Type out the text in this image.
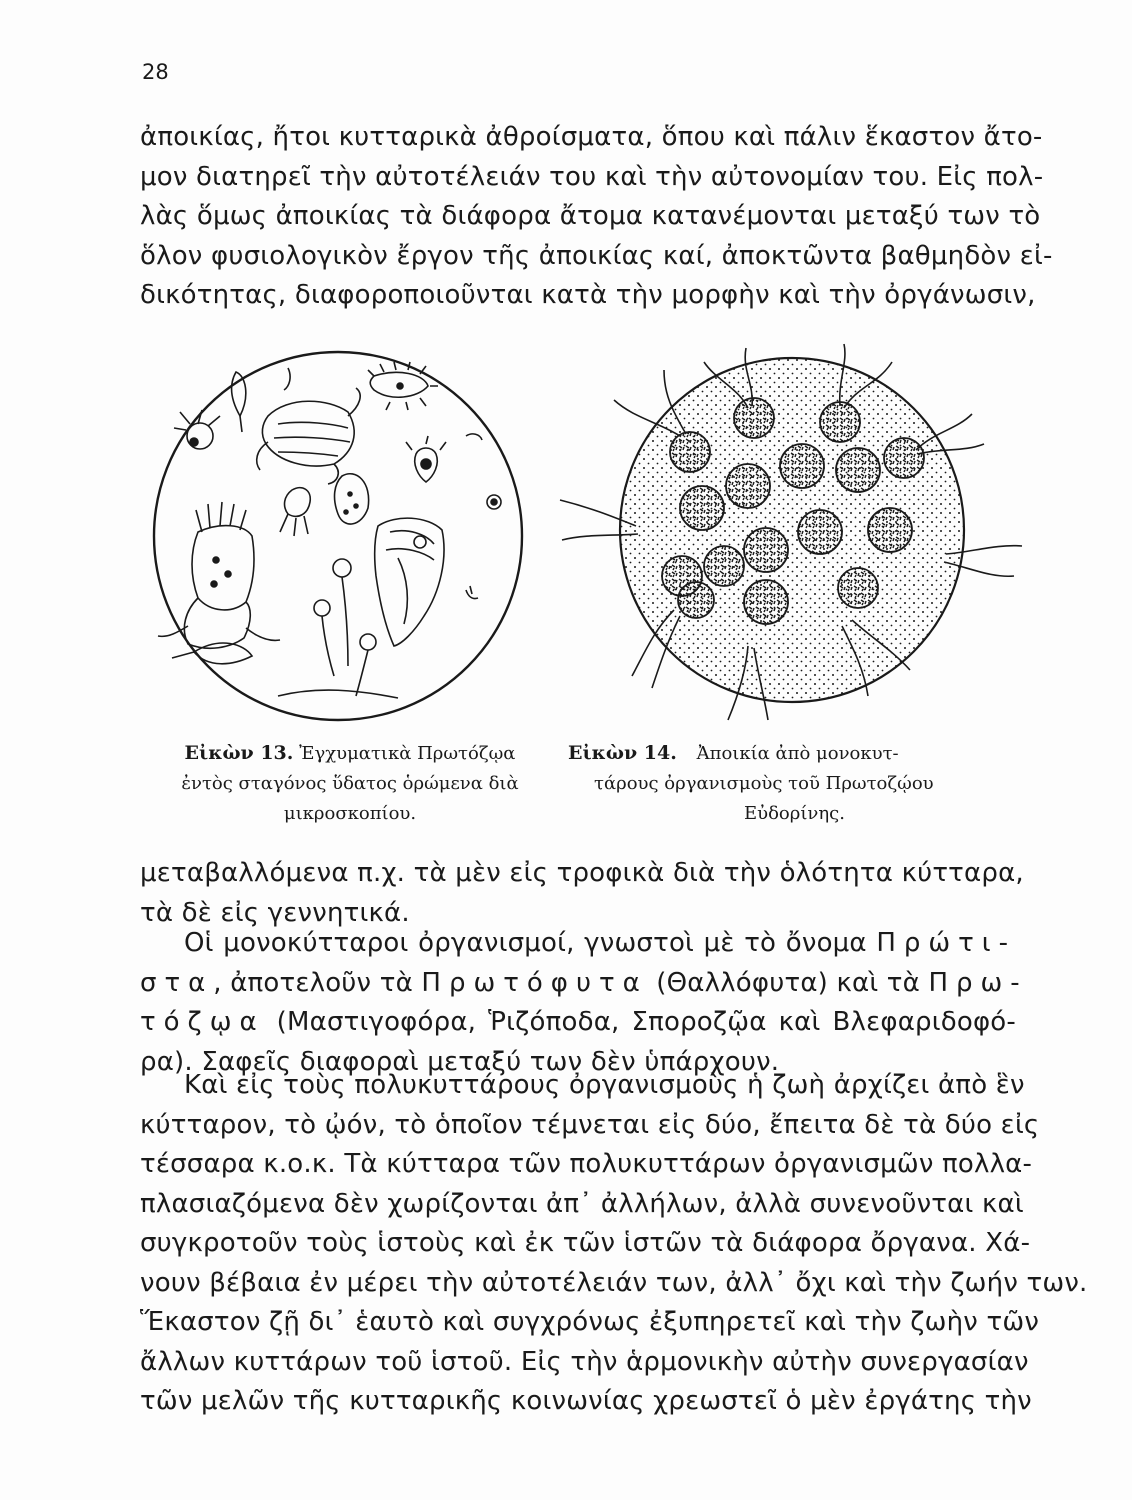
28
ἀποικίας, ἤτοι κυτταρικὰ ἀθροίσματα, ὅπου καὶ πάλιν ἕκαστον ἄτο-
μον διατηρεῖ τὴν αὐτοτέλειάν του καὶ τὴν αὐτονομίαν του. Εἰς πολ-
λὰς ὅμως ἀποικίας τὰ διάφορα ἄτομα κατανέμονται μεταξύ των τὸ
ὅλον φυσιολογικὸν ἔργον τῆς ἀποικίας καί, ἀποκτῶντα βαθμηδὸν εἰ-
δικότητας, διαφοροποιοῦνται κατὰ τὴν μορφὴν καὶ τὴν ὀργάνωσιν,
Εἰκὼν 13. Ἐγχυματικὰ Πρωτόζῳα
ἐντὸς σταγόνος ὕδατος ὁρώμενα διὰ
μικροσκοπίου.
Εἰκὼν 14. Ἀποικία ἀπὸ μονοκυτ-
τάρους ὀργανισμοὺς τοῦ Πρωτοζῴου
Εὐδορίνης.
μεταβαλλόμενα π.χ. τὰ μὲν εἰς τροφικὰ διὰ τὴν ὁλότητα κύτταρα,
τὰ δὲ εἰς γεννητικά.
Οἱ μονοκύτταροι ὀργανισμοί, γνωστοὶ μὲ τὸ ὄνομα Πρώτι-
στα, ἀποτελοῦν τὰ Πρωτόφυτα (Θαλλόφυτα) καὶ τὰ Πρω-
τόζῳα (Μαστιγοφόρα, Ῥιζόποδα, Σποροζῷα καὶ Βλεφαριδοφό-
ρα). Σαφεῖς διαφοραὶ μεταξύ των δὲν ὑπάρχουν.
Καὶ εἰς τοὺς πολυκυττάρους ὀργανισμοὺς ἡ ζωὴ ἀρχίζει ἀπὸ ἓν
κύτταρον, τὸ ᾠόν, τὸ ὁποῖον τέμνεται εἰς δύο, ἔπειτα δὲ τὰ δύο εἰς
τέσσαρα κ.ο.κ. Τὰ κύτταρα τῶν πολυκυττάρων ὀργανισμῶν πολλα-
πλασιαζόμενα δὲν χωρίζονται ἀπ᾿ ἀλλήλων, ἀλλὰ συνενοῦνται καὶ
συγκροτοῦν τοὺς ἱστοὺς καὶ ἐκ τῶν ἱστῶν τὰ διάφορα ὄργανα. Χά-
νουν βέβαια ἐν μέρει τὴν αὐτοτέλειάν των, ἀλλ᾿ ὄχι καὶ τὴν ζωήν των.
Ἕκαστον ζῇ δι᾿ ἑαυτὸ καὶ συγχρόνως ἐξυπηρετεῖ καὶ τὴν ζωὴν τῶν
ἄλλων κυττάρων τοῦ ἱστοῦ. Εἰς τὴν ἁρμονικὴν αὐτὴν συνεργασίαν
τῶν μελῶν τῆς κυτταρικῆς κοινωνίας χρεωστεῖ ὁ μὲν ἐργάτης τὴν
